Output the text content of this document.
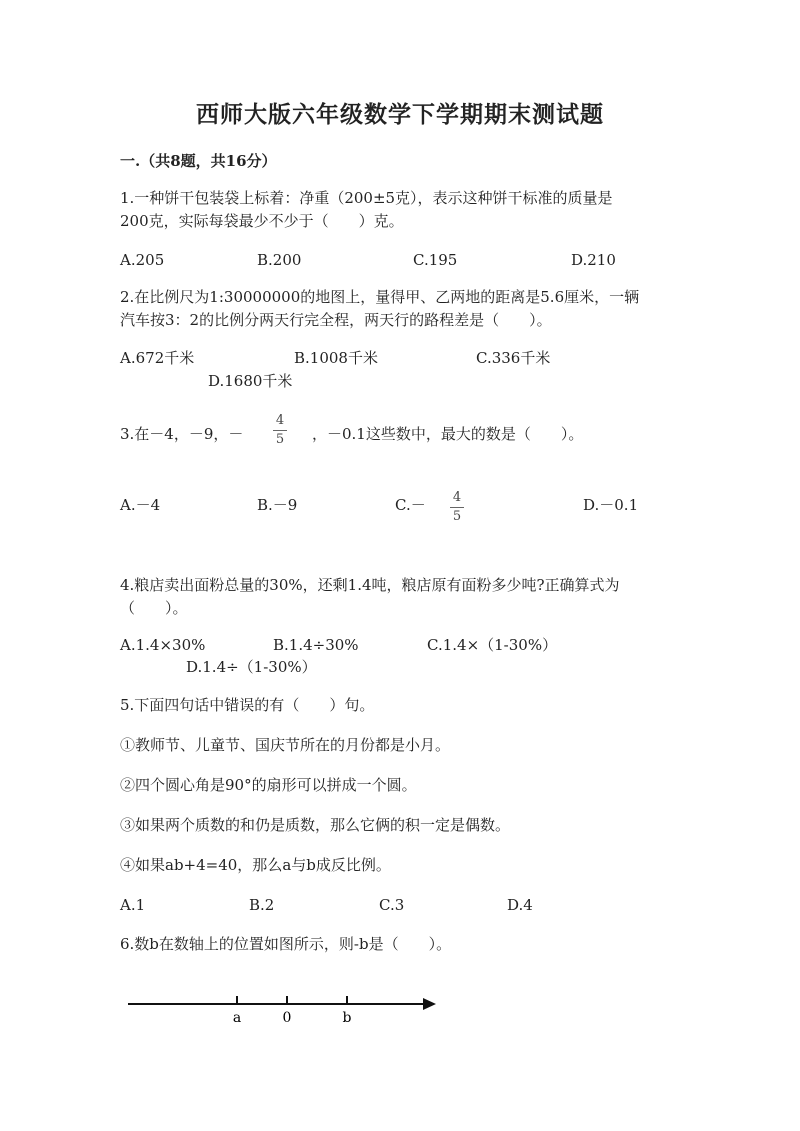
西师大版六年级数学下学期期末测试题
一.（共8题，共16分）
1.一种饼干包装袋上标着：净重（200±5克），表示这种饼干标准的质量是
200克，实际每袋最少不少于（　　）克。
A.205	B.200	C.195	D.210
2.在比例尺为1:30000000的地图上，量得甲、乙两地的距离是5.6厘米，一辆
汽车按3：2的比例分两天行完全程，两天行的路程差是（　　）。
A.672千米	B.1008千米	C.336千米
D.1680千米
3.在－4，－9，－
4
5 ，－0.1这些数中，最大的数是（　　）。
A.－4	B.－9	C.－ 4
5
D.－0.1
4.粮店卖出面粉总量的30%，还剩1.4吨，粮店原有面粉多少吨?正确算式为
（　　）。
A.1.4×30%	B.1.4÷30%	C.1.4×（1-30%）
D.1.4÷（1-30%）
5.下面四句话中错误的有（　　）句。
①教师节、儿童节、国庆节所在的月份都是小月。
②四个圆心角是90°的扇形可以拼成一个圆。
③如果两个质数的和仍是质数，那么它俩的积一定是偶数。
④如果ab+4=40，那么a与b成反比例。
A.1	B.2	C.3	D.4
6.数b在数轴上的位置如图所示，则-b是（　　）。
a	0	b
